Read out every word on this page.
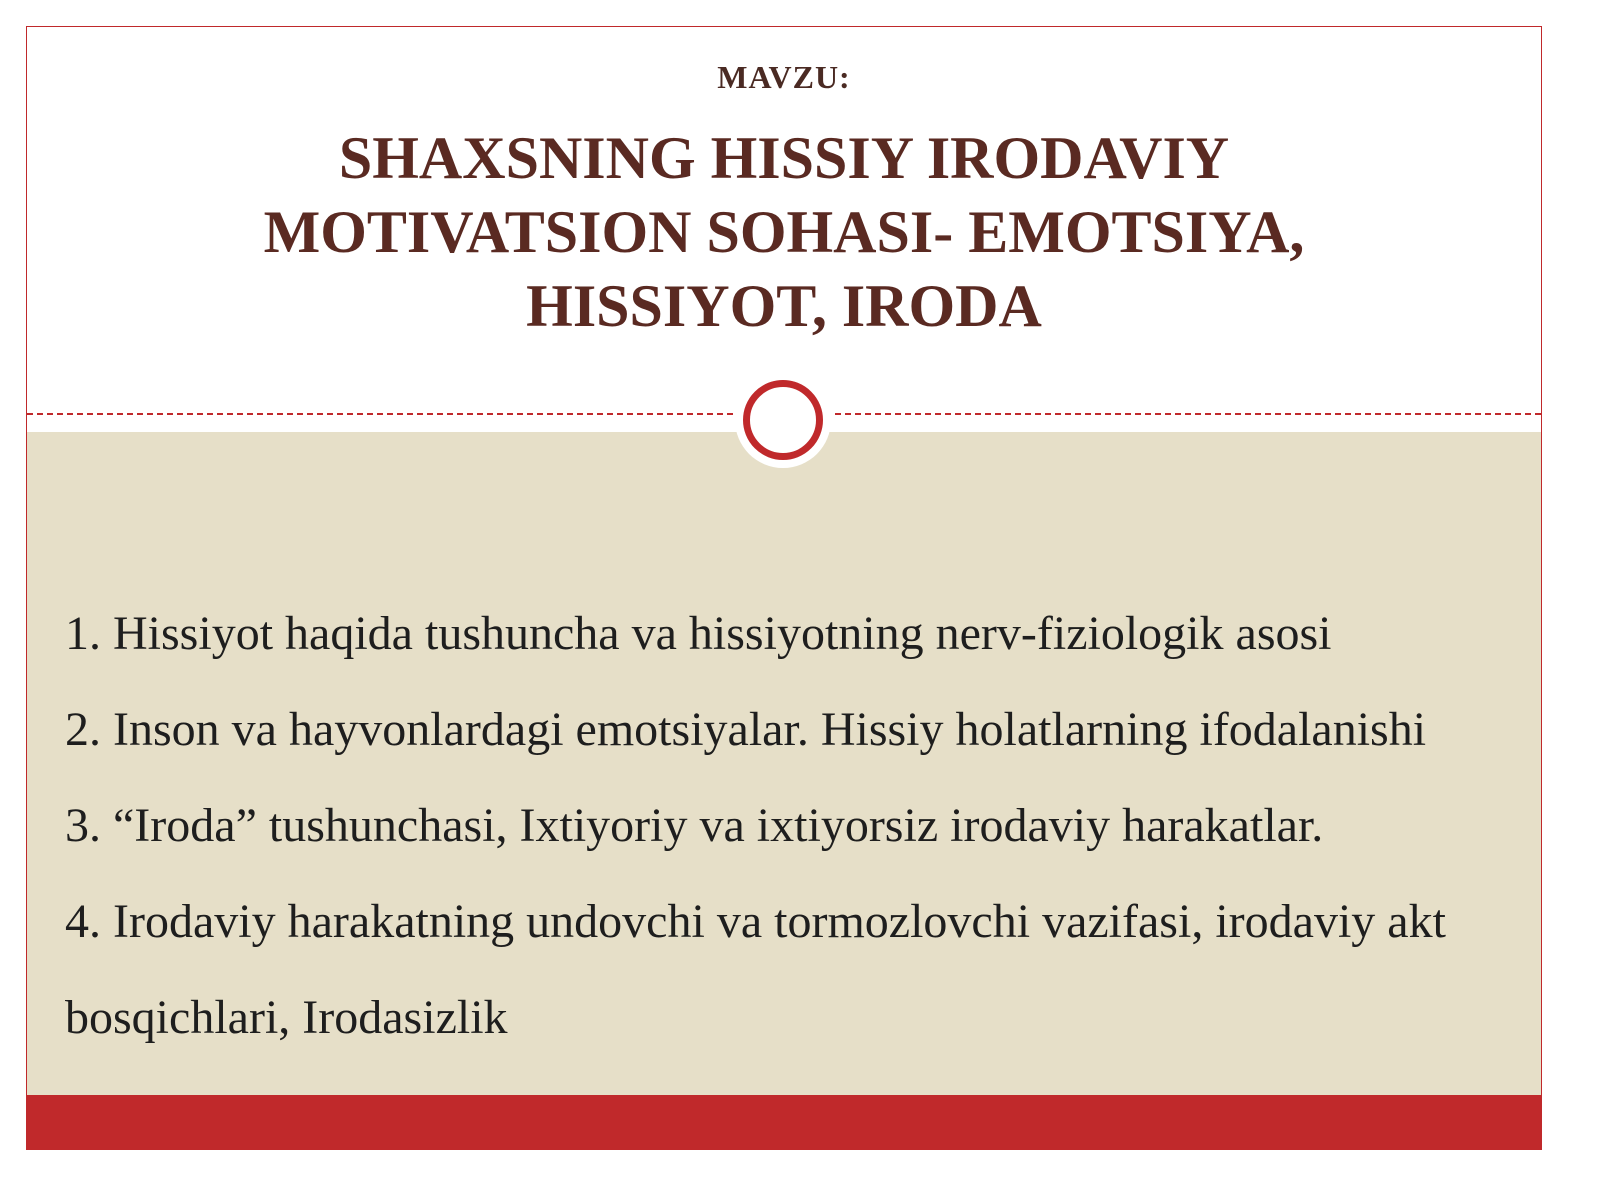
MAVZU:
SHAXSNING HISSIY IRODAVIY MOTIVATSION SOHASI- EMOTSIYA, HISSIYOT, IRODA
1. Hissiyot haqida tushuncha va hissiyotning nerv-fiziologik asosi
2. Inson va hayvonlardagi emotsiyalar. Hissiy holatlarning ifodalanishi
3. “Iroda” tushunchasi, Ixtiyoriy va ixtiyorsiz irodaviy harakatlar.
4. Irodaviy harakatning undovchi va tormozlovchi vazifasi, irodaviy akt bosqichlari, Irodasizlik
